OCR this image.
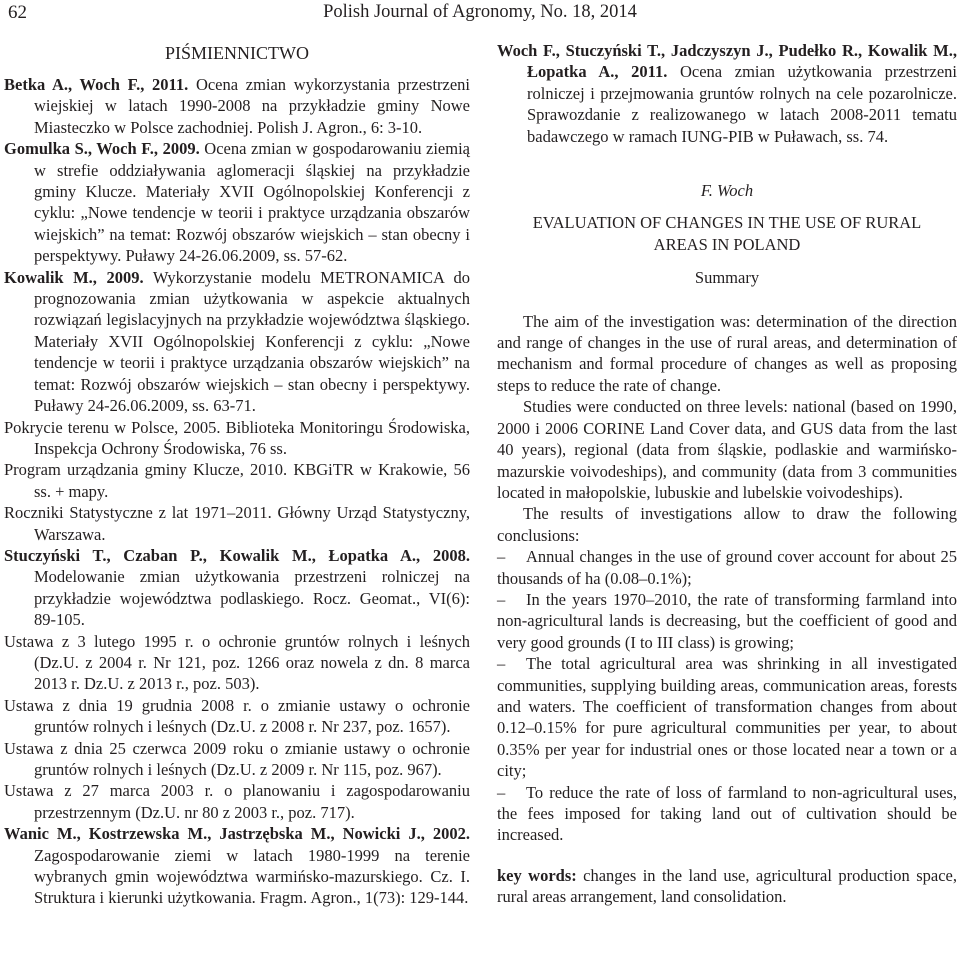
62	Polish Journal of Agronomy, No. 18, 2014
PIŚMIENNICTWO

Betka A., Woch F., 2011. Ocena zmian wykorzystania przestrzeni wiejskiej w latach 1990-2008 na przykładzie gminy Nowe Miasteczko w Polsce zachodniej. Polish J. Agron., 6: 3-10.

Gomulka S., Woch F., 2009. Ocena zmian w gospodarowaniu ziemią w strefie oddziaływania aglomeracji śląskiej na przykładzie gminy Klucze. Materiały XVII Ogólnopolskiej Konferencji z cyklu: „Nowe tendencje w teorii i praktyce urządzania obszarów wiejskich” na temat: Rozwój obszarów wiejskich – stan obecny i perspektywy. Puławy 24-26.06.2009, ss. 57-62.

Kowalik M., 2009. Wykorzystanie modelu METRONAMICA do prognozowania zmian użytkowania w aspekcie aktualnych rozwiązań legislacyjnych na przykładzie województwa śląskiego. Materiały XVII Ogólnopolskiej Konferencji z cyklu: „Nowe tendencje w teorii i praktyce urządzania obszarów wiejskich” na temat: Rozwój obszarów wiejskich – stan obecny i perspektywy. Puławy 24-26.06.2009, ss. 63-71.

Pokrycie terenu w Polsce, 2005. Biblioteka Monitoringu Środowiska, Inspekcja Ochrony Środowiska, 76 ss.

Program urządzania gminy Klucze, 2010. KBGiTR w Krakowie, 56 ss. + mapy.

Roczniki Statystyczne z lat 1971–2011. Główny Urząd Statystyczny, Warszawa.

Stuczyński T., Czaban P., Kowalik M., Łopatka A., 2008. Modelowanie zmian użytkowania przestrzeni rolniczej na przykładzie województwa podlaskiego. Rocz. Geomat., VI(6): 89-105.

Ustawa z 3 lutego 1995 r. o ochronie gruntów rolnych i leśnych (Dz.U. z 2004 r. Nr 121, poz. 1266 oraz nowela z dn. 8 marca 2013 r. Dz.U. z 2013 r., poz. 503).

Ustawa z dnia 19 grudnia 2008 r. o zmianie ustawy o ochronie gruntów rolnych i leśnych (Dz.U. z 2008 r. Nr 237, poz. 1657).

Ustawa z dnia 25 czerwca 2009 roku o zmianie ustawy o ochronie gruntów rolnych i leśnych (Dz.U. z 2009 r. Nr 115, poz. 967).

Ustawa z 27 marca 2003 r. o planowaniu i zagospodarowaniu przestrzennym (Dz.U. nr 80 z 2003 r., poz. 717).

Wanic M., Kostrzewska M., Jastrzębska M., Nowicki J., 2002. Zagospodarowanie ziemi w latach 1980-1999 na terenie wybranych gmin województwa warmińsko-mazurskiego. Cz. I. Struktura i kierunki użytkowania. Fragm. Agron., 1(73): 129-144.

Woch F., Stuczyński T., Jadczyszyn J., Pudełko R., Kowalik M., Łopatka A., 2011. Ocena zmian użytkowania przestrzeni rolniczej i przejmowania gruntów rolnych na cele pozarolnicze. Sprawozdanie z realizowanego w latach 2008-2011 tematu badawczego w ramach IUNG-PIB w Puławach, ss. 74.

F. Woch

EVALUATION OF CHANGES IN THE USE OF RURAL

AREAS IN POLAND

Summary

The aim of the investigation was: determination of the direction and range of changes in the use of rural areas, and determination of mechanism and formal procedure of changes as well as proposing steps to reduce the rate of change.

Studies were conducted on three levels: national (based on 1990, 2000 i 2006 CORINE Land Cover data, and GUS data from the last 40 years), regional (data from śląskie, podlaskie and warmińsko-mazurskie voivodeships), and community (data from 3 communities located in małopolskie, lubuskie and lubelskie voivodeships).

The results of investigations allow to draw the following conclusions:

– Annual changes in the use of ground cover account for about 25 thousands of ha (0.08–0.1%);

– In the years 1970–2010, the rate of transforming farmland into non-agricultural lands is decreasing, but the coefficient of good and very good grounds (I to III class) is growing;

– The total agricultural area was shrinking in all investigated communities, supplying building areas, communication areas, forests and waters. The coefficient of transformation changes from about 0.12–0.15% for pure agricultural communities per year, to about 0.35% per year for industrial ones or those located near a town or a city;

– To reduce the rate of loss of farmland to non-agricultural uses, the fees imposed for taking land out of cultivation should be increased.

key words: changes in the land use, agricultural production space, rural areas arrangement, land consolidation.
